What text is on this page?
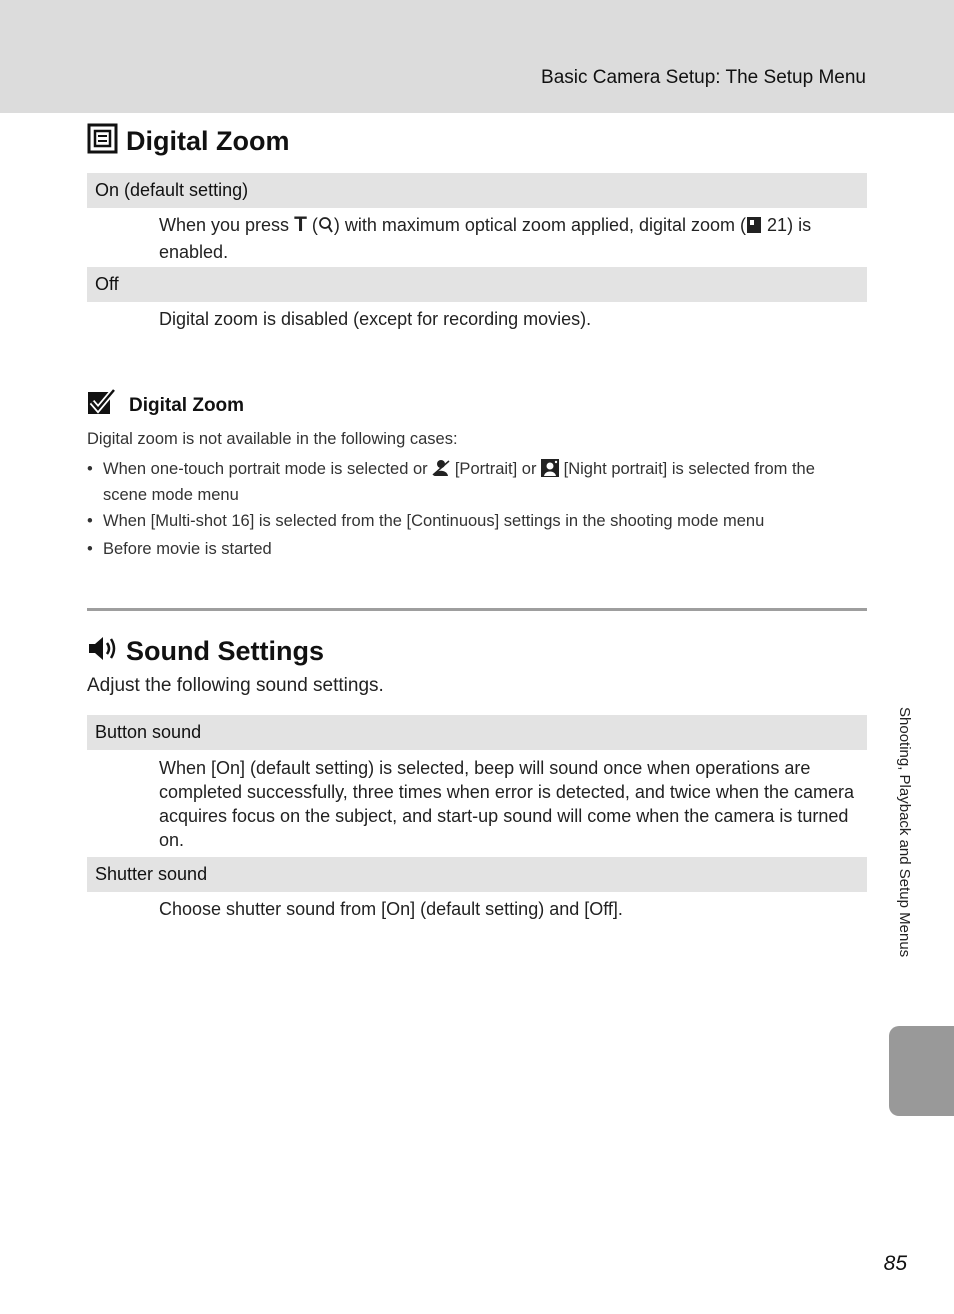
Basic Camera Setup: The Setup Menu
Digital Zoom
On (default setting)
When you press T ( ) with maximum optical zoom applied, digital zoom ( 21) is enabled.
Off
Digital zoom is disabled (except for recording movies).
Digital Zoom
Digital zoom is not available in the following cases:
• When one-touch portrait mode is selected or  [Portrait] or  [Night portrait] is selected from the scene mode menu
• When [Multi-shot 16] is selected from the [Continuous] settings in the shooting mode menu
• Before movie is started
Sound Settings
Adjust the following sound settings.
Button sound
When [On] (default setting) is selected, beep will sound once when operations are completed successfully, three times when error is detected, and twice when the camera acquires focus on the subject, and start-up sound will come when the camera is turned on.
Shutter sound
Choose shutter sound from [On] (default setting) and [Off].	Shooting, Playback and Setup Menus
85
